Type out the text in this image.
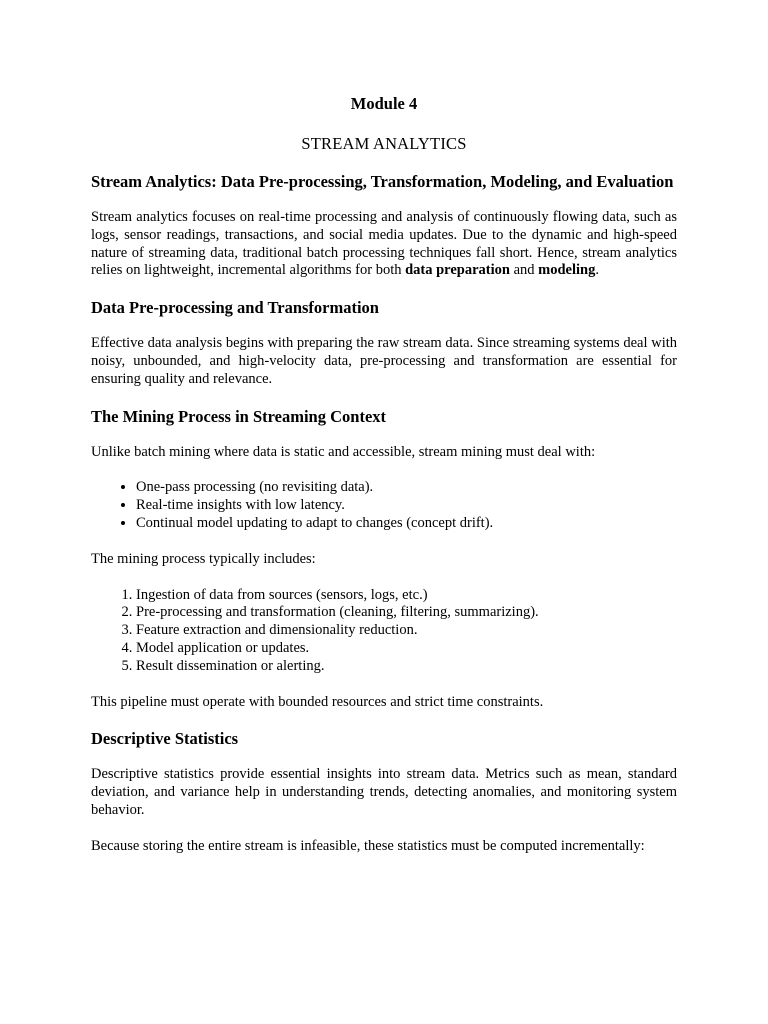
Module 4
STREAM ANALYTICS
Stream Analytics: Data Pre-processing, Transformation, Modeling, and Evaluation

Stream analytics focuses on real-time processing and analysis of continuously flowing data, such as logs, sensor readings, transactions, and social media updates. Due to the dynamic and high-speed nature of streaming data, traditional batch processing techniques fall short. Hence, stream analytics relies on lightweight, incremental algorithms for both data preparation and modeling.

Data Pre-processing and Transformation

Effective data analysis begins with preparing the raw stream data. Since streaming systems deal with noisy, unbounded, and high-velocity data, pre-processing and transformation are essential for ensuring quality and relevance.

The Mining Process in Streaming Context

Unlike batch mining where data is static and accessible, stream mining must deal with:

• One-pass processing (no revisiting data).
• Real-time insights with low latency.
• Continual model updating to adapt to changes (concept drift).

The mining process typically includes:

1. Ingestion of data from sources (sensors, logs, etc.)
2. Pre-processing and transformation (cleaning, filtering, summarizing).
3. Feature extraction and dimensionality reduction.
4. Model application or updates.
5. Result dissemination or alerting.

This pipeline must operate with bounded resources and strict time constraints.

Descriptive Statistics

Descriptive statistics provide essential insights into stream data. Metrics such as mean, standard deviation, and variance help in understanding trends, detecting anomalies, and monitoring system behavior.

Because storing the entire stream is infeasible, these statistics must be computed incrementally:
